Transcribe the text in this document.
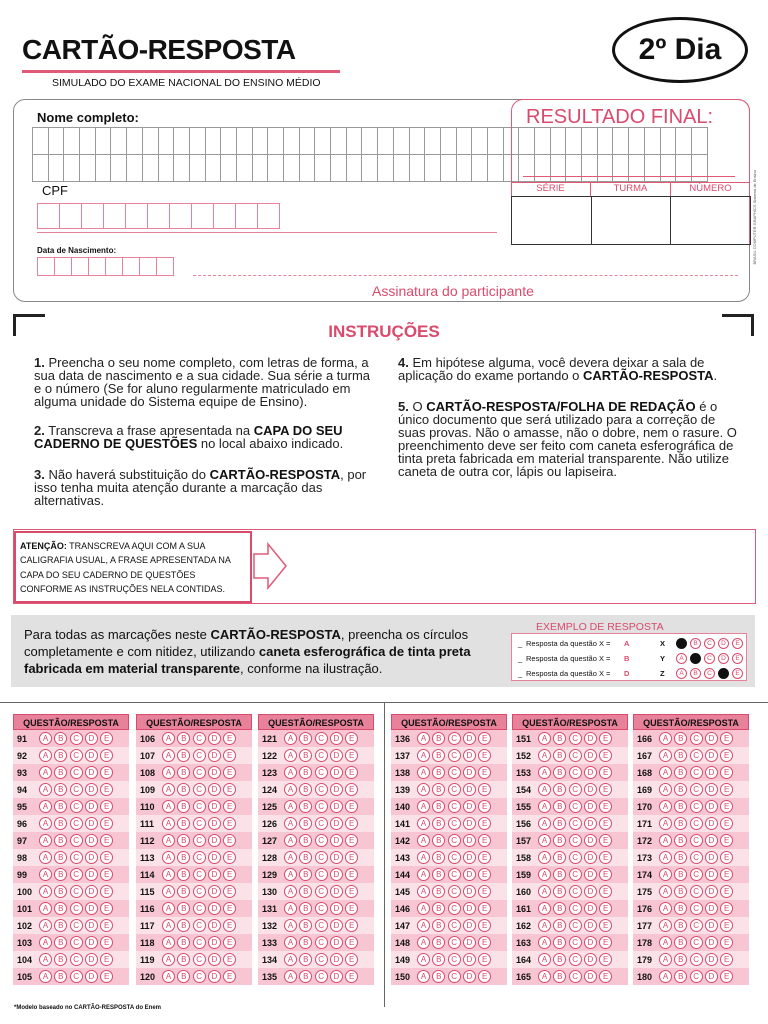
CARTÃO-RESPOSTA
SIMULADO DO EXAME NACIONAL DO ENSINO MÉDIO
2º Dia
Nome completo:
CPF
Data de Nascimento:
Assinatura do participante
RESULTADO FINAL:
SÉRIE	TURMA	NÚMERO	BRASIL COMPUTER GRAPHICS Sistema de Ensino
INSTRUÇÕES
1. Preencha o seu nome completo, com letras de forma, a sua data de nascimento e a sua cidade. Sua série a turma e o número (Se for aluno regularmente matriculado em alguma unidade do Sistema equipe de Ensino).
2. Transcreva a frase apresentada na CAPA DO SEU CADERNO DE QUESTÕES no local abaixo indicado.
3. Não haverá substituição do CARTÃO-RESPOSTA, por isso tenha muita atenção durante a marcação das alternativas.
4. Em hipótese alguma, você devera deixar a sala de aplicação do exame portando o CARTÃO-RESPOSTA.
5. O CARTÃO-RESPOSTA/FOLHA DE REDAÇÃO é o único documento que será utilizado para a correção de suas provas. Não o amasse, não o dobre, nem o rasure. O preenchimento deve ser feito com caneta esferográfica de tinta preta fabricada em material transparente. Não utilize caneta de outra cor, lápis ou lapiseira.
ATENÇÃO: TRANSCREVA AQUI COM A SUA CALIGRAFIA USUAL, A FRASE APRESENTADA NA CAPA DO SEU CADERNO DE QUESTÕES CONFORME AS INSTRUÇÕES NELA CONTIDAS.
Para todas as marcações neste CARTÃO-RESPOSTA, preencha os círculos completamente e com nitidez, utilizando caneta esferográfica de tinta preta fabricada em material transparente, conforme na ilustração.
EXEMPLO DE RESPOSTA
_ Resposta da questão X =	A	X	A	B	C	D	E
_ Resposta da questão X =	B	Y	A	B	C	D	E
_ Resposta da questão X =	D	Z	A	B	C	D	E
QUESTÃO/RESPOSTA
91	A	B	C	D	E
92	A	B	C	D	E
93	A	B	C	D	E
94	A	B	C	D	E
95	A	B	C	D	E
96	A	B	C	D	E
97	A	B	C	D	E
98	A	B	C	D	E
99	A	B	C	D	E
100	A	B	C	D	E
101	A	B	C	D	E
102	A	B	C	D	E
103	A	B	C	D	E
104	A	B	C	D	E
105	A	B	C	D	E
QUESTÃO/RESPOSTA
106	A	B	C	D	E
107	A	B	C	D	E
108	A	B	C	D	E
109	A	B	C	D	E
110	A	B	C	D	E
111	A	B	C	D	E
112	A	B	C	D	E
113	A	B	C	D	E
114	A	B	C	D	E
115	A	B	C	D	E
116	A	B	C	D	E
117	A	B	C	D	E
118	A	B	C	D	E
119	A	B	C	D	E
120	A	B	C	D	E
QUESTÃO/RESPOSTA
121	A	B	C	D	E
122	A	B	C	D	E
123	A	B	C	D	E
124	A	B	C	D	E
125	A	B	C	D	E
126	A	B	C	D	E
127	A	B	C	D	E
128	A	B	C	D	E
129	A	B	C	D	E
130	A	B	C	D	E
131	A	B	C	D	E
132	A	B	C	D	E
133	A	B	C	D	E
134	A	B	C	D	E
135	A	B	C	D	E
QUESTÃO/RESPOSTA
136	A	B	C	D	E
137	A	B	C	D	E
138	A	B	C	D	E
139	A	B	C	D	E
140	A	B	C	D	E
141	A	B	C	D	E
142	A	B	C	D	E
143	A	B	C	D	E
144	A	B	C	D	E
145	A	B	C	D	E
146	A	B	C	D	E
147	A	B	C	D	E
148	A	B	C	D	E
149	A	B	C	D	E
150	A	B	C	D	E
QUESTÃO/RESPOSTA
151	A	B	C	D	E
152	A	B	C	D	E
153	A	B	C	D	E
154	A	B	C	D	E
155	A	B	C	D	E
156	A	B	C	D	E
157	A	B	C	D	E
158	A	B	C	D	E
159	A	B	C	D	E
160	A	B	C	D	E
161	A	B	C	D	E
162	A	B	C	D	E
163	A	B	C	D	E
164	A	B	C	D	E
165	A	B	C	D	E
QUESTÃO/RESPOSTA
166	A	B	C	D	E
167	A	B	C	D	E
168	A	B	C	D	E
169	A	B	C	D	E
170	A	B	C	D	E
171	A	B	C	D	E
172	A	B	C	D	E
173	A	B	C	D	E
174	A	B	C	D	E
175	A	B	C	D	E
176	A	B	C	D	E
177	A	B	C	D	E
178	A	B	C	D	E
179	A	B	C	D	E
180	A	B	C	D	E
*Modelo baseado no CARTÃO-RESPOSTA do Enem
